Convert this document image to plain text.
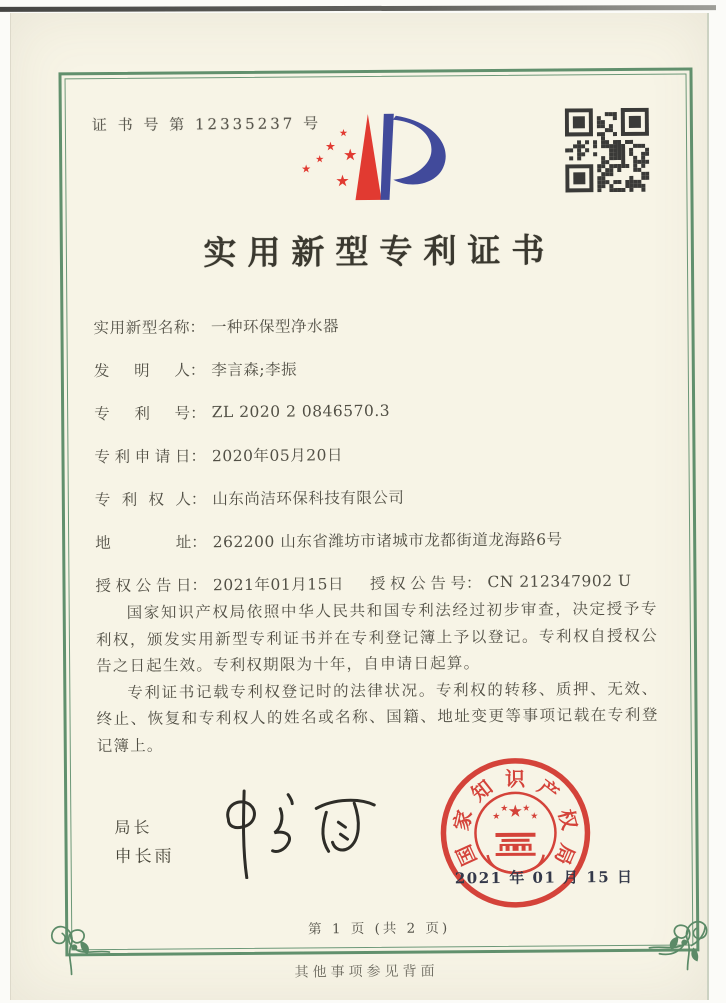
证 书 号 第 12335237 号 ★
★ ★
★
★
★
实用新型专利证书
实用新型名称 ： 一种环保型净水器
发明人 ： 李言森;李振
专利号 ： ZL 2020 2 0846570.3
专利申请日 ： 2020年05月20日
专利权人 ： 山东尚洁环保科技有限公司
地址 ： 262200 山东省潍坊市诸城市龙都街道龙海路6号
授权公告日 ： 2021年01月15日 授权公告号 ： CN 212347902 U

国家知识产权局依照中华人民共和国专利法经过初步审查，决定授予专利权，颁发实用新型专利证书并在专利登记簿上予以登记。专利权自授权公告之日起生效。专利权期限为十年，自申请日起算。

专利证书记载专利权登记时的法律状况。专利权的转移、质押、无效、终止、恢复和专利权人的姓名或名称、国籍、地址变更等事项记载在专利登记簿上。

局长
申长雨	国
家
知 识 产
权
局
★
★
★ ★
★
2021 年 01 月 15 日
第 1 页 (共 2 页)
其他事项参见背面
